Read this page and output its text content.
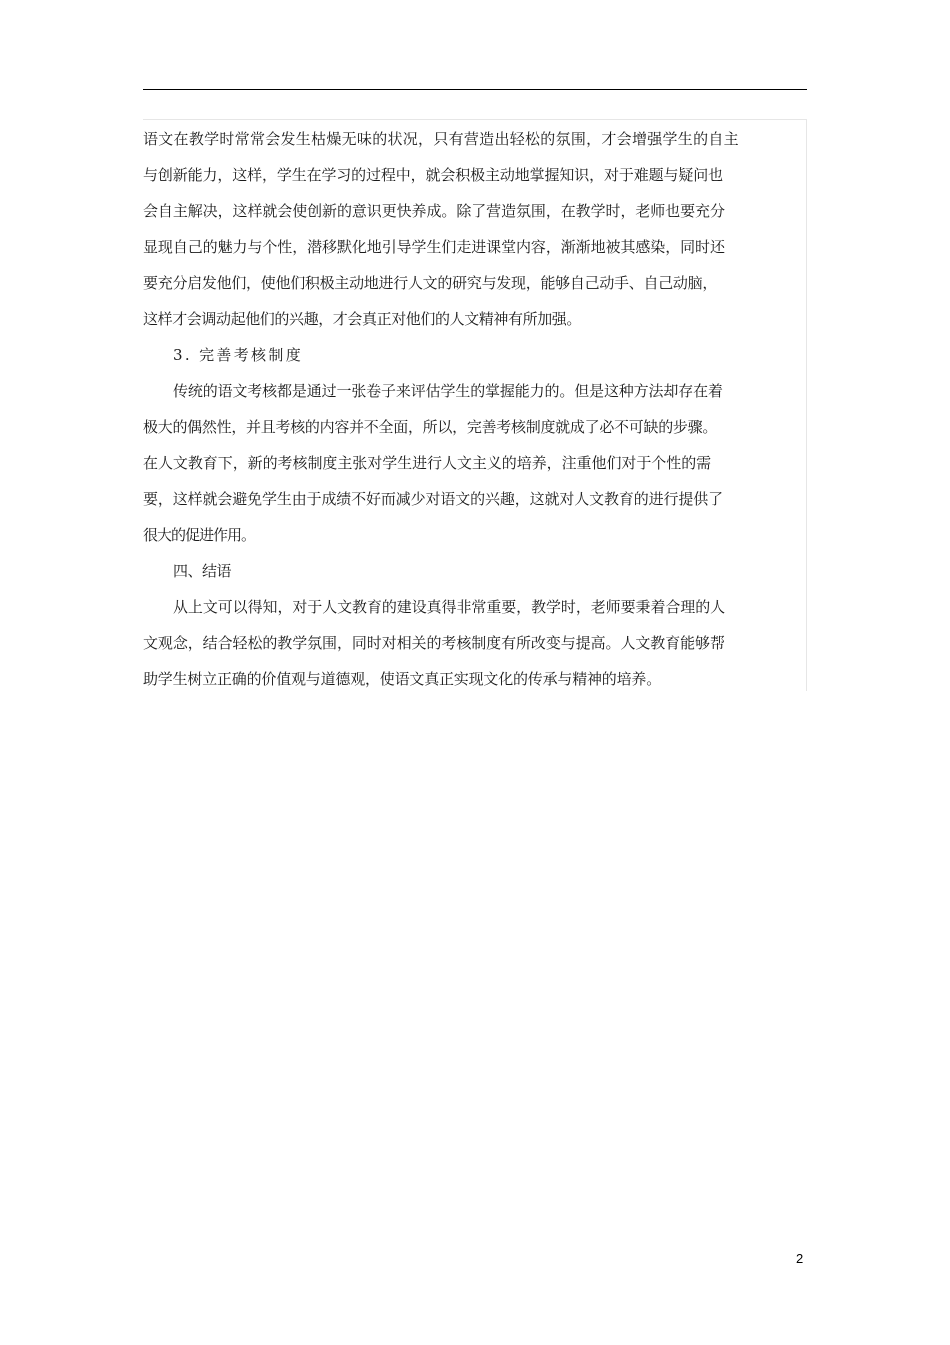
语文在教学时常常会发生枯燥无味的状况，只有营造出轻松的氛围，才会增强学生的自主
与创新能力，这样，学生在学习的过程中，就会积极主动地掌握知识，对于难题与疑问也
会自主解决，这样就会使创新的意识更快养成。除了营造氛围，在教学时，老师也要充分
显现自己的魅力与个性，潜移默化地引导学生们走进课堂内容，渐渐地被其感染，同时还
要充分启发他们，使他们积极主动地进行人文的研究与发现，能够自己动手、自己动脑，
这样才会调动起他们的兴趣，才会真正对他们的人文精神有所加强。
3. 完善考核制度
传统的语文考核都是通过一张卷子来评估学生的掌握能力的。但是这种方法却存在着
极大的偶然性，并且考核的内容并不全面，所以，完善考核制度就成了必不可缺的步骤。
在人文教育下，新的考核制度主张对学生进行人文主义的培养，注重他们对于个性的需
要，这样就会避免学生由于成绩不好而减少对语文的兴趣，这就对人文教育的进行提供了
很大的促进作用。
四、结语
从上文可以得知，对于人文教育的建设真得非常重要，教学时，老师要秉着合理的人
文观念，结合轻松的教学氛围，同时对相关的考核制度有所改变与提高。人文教育能够帮
助学生树立正确的价值观与道德观，使语文真正实现文化的传承与精神的培养。
2
